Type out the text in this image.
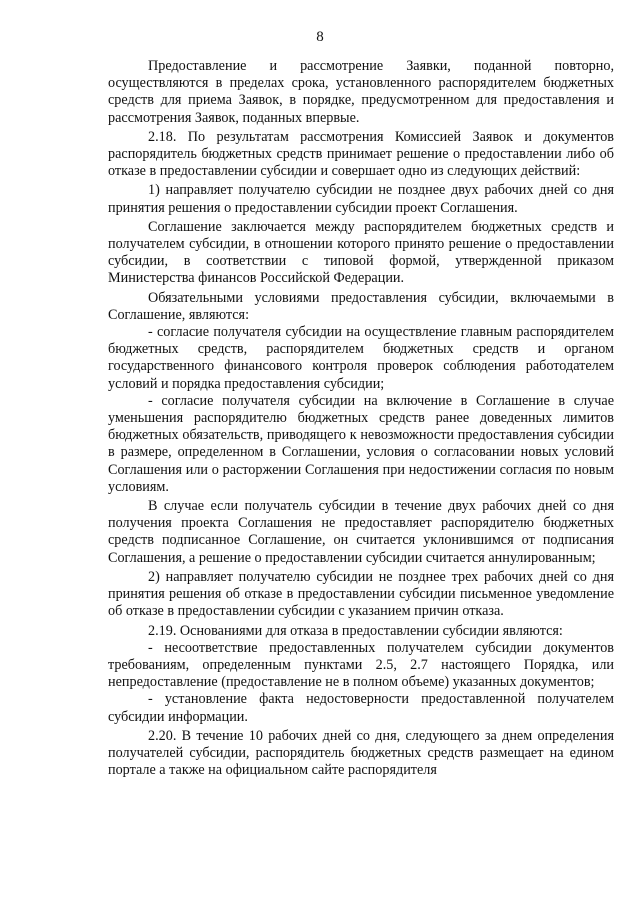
8

Предоставление и рассмотрение Заявки, поданной повторно, осуществляются в пределах срока, установленного распорядителем бюджетных средств для приема Заявок, в порядке, предусмотренном для предоставления и рассмотрения Заявок, поданных впервые.

2.18. По результатам рассмотрения Комиссией Заявок и документов распорядитель бюджетных средств принимает решение о предоставлении либо об отказе в предоставлении субсидии и совершает одно из следующих действий:

1) направляет получателю субсидии не позднее двух рабочих дней со дня принятия решения о предоставлении субсидии проект Соглашения.

Соглашение заключается между распорядителем бюджетных средств и получателем субсидии, в отношении которого принято решение о предоставлении субсидии, в соответствии с типовой формой, утвержденной приказом Министерства финансов Российской Федерации.

Обязательными условиями предоставления субсидии, включаемыми в Соглашение, являются:

- согласие получателя субсидии на осуществление главным распорядителем бюджетных средств, распорядителем бюджетных средств и органом государственного финансового контроля проверок соблюдения работодателем условий и порядка предоставления субсидии;

- согласие получателя субсидии на включение в Соглашение в случае уменьшения распорядителю бюджетных средств ранее доведенных лимитов бюджетных обязательств, приводящего к невозможности предоставления субсидии в размере, определенном в Соглашении, условия о согласовании новых условий Соглашения или о расторжении Соглашения при недостижении согласия по новым условиям.

В случае если получатель субсидии в течение двух рабочих дней со дня получения проекта Соглашения не предоставляет распорядителю бюджетных средств подписанное Соглашение, он считается уклонившимся от подписания Соглашения, а решение о предоставлении субсидии считается аннулированным;

2) направляет получателю субсидии не позднее трех рабочих дней со дня принятия решения об отказе в предоставлении субсидии письменное уведомление об отказе в предоставлении субсидии с указанием причин отказа.

2.19. Основаниями для отказа в предоставлении субсидии являются:

- несоответствие предоставленных получателем субсидии документов требованиям, определенным пунктами 2.5, 2.7 настоящего Порядка, или непредоставление (предоставление не в полном объеме) указанных документов;

- установление факта недостоверности предоставленной получателем субсидии информации.

2.20. В течение 10 рабочих дней со дня, следующего за днем определения получателей субсидии, распорядитель бюджетных средств размещает на едином портале а также на официальном сайте распорядителя
